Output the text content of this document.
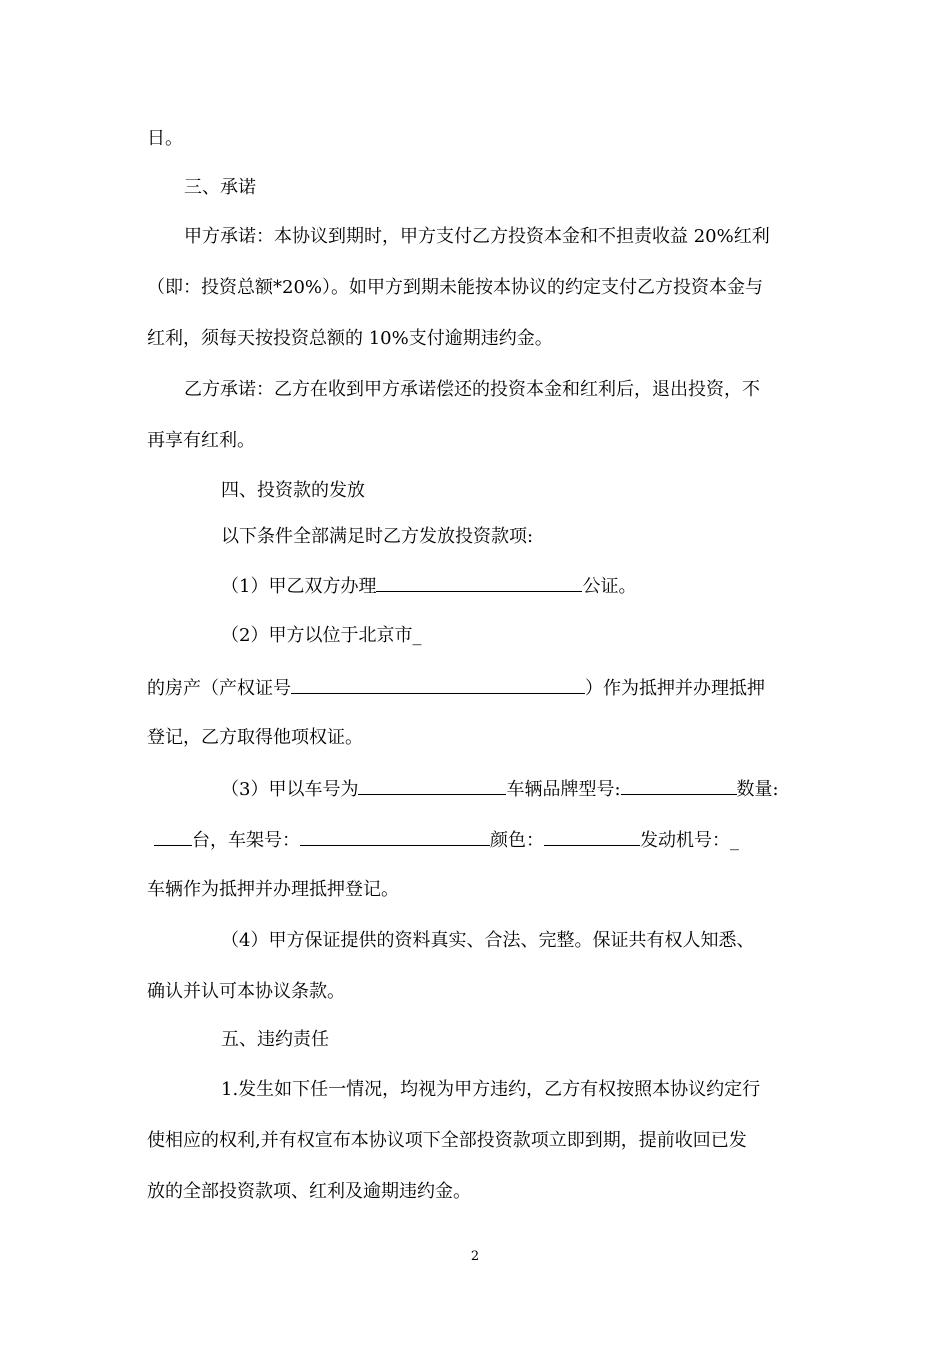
日。
三、承诺
甲方承诺：本协议到期时，甲方支付乙方投资本金和不担责收益 20%红利
（即：投资总额*20%）。如甲方到期未能按本协议的约定支付乙方投资本金与
红利，须每天按投资总额的 10%支付逾期违约金。
乙方承诺：乙方在收到甲方承诺偿还的投资本金和红利后，退出投资，不
再享有红利。
四、投资款的发放
以下条件全部满足时乙方发放投资款项:
（1）甲乙双方办理	公证。
（2）甲方以位于北京市_
的房产（产权证号	）作为抵押并办理抵押
登记，乙方取得他项权证。
（3）甲以车号为	车辆品牌型号:	数量:
台，车架号：	颜色：	发动机号：_
车辆作为抵押并办理抵押登记。
（4）甲方保证提供的资料真实、合法、完整。保证共有权人知悉、
确认并认可本协议条款。
五、违约责任
1.发生如下任一情况，均视为甲方违约，乙方有权按照本协议约定行
使相应的权利,并有权宣布本协议项下全部投资款项立即到期，提前收回已发
放的全部投资款项、红利及逾期违约金。
2
